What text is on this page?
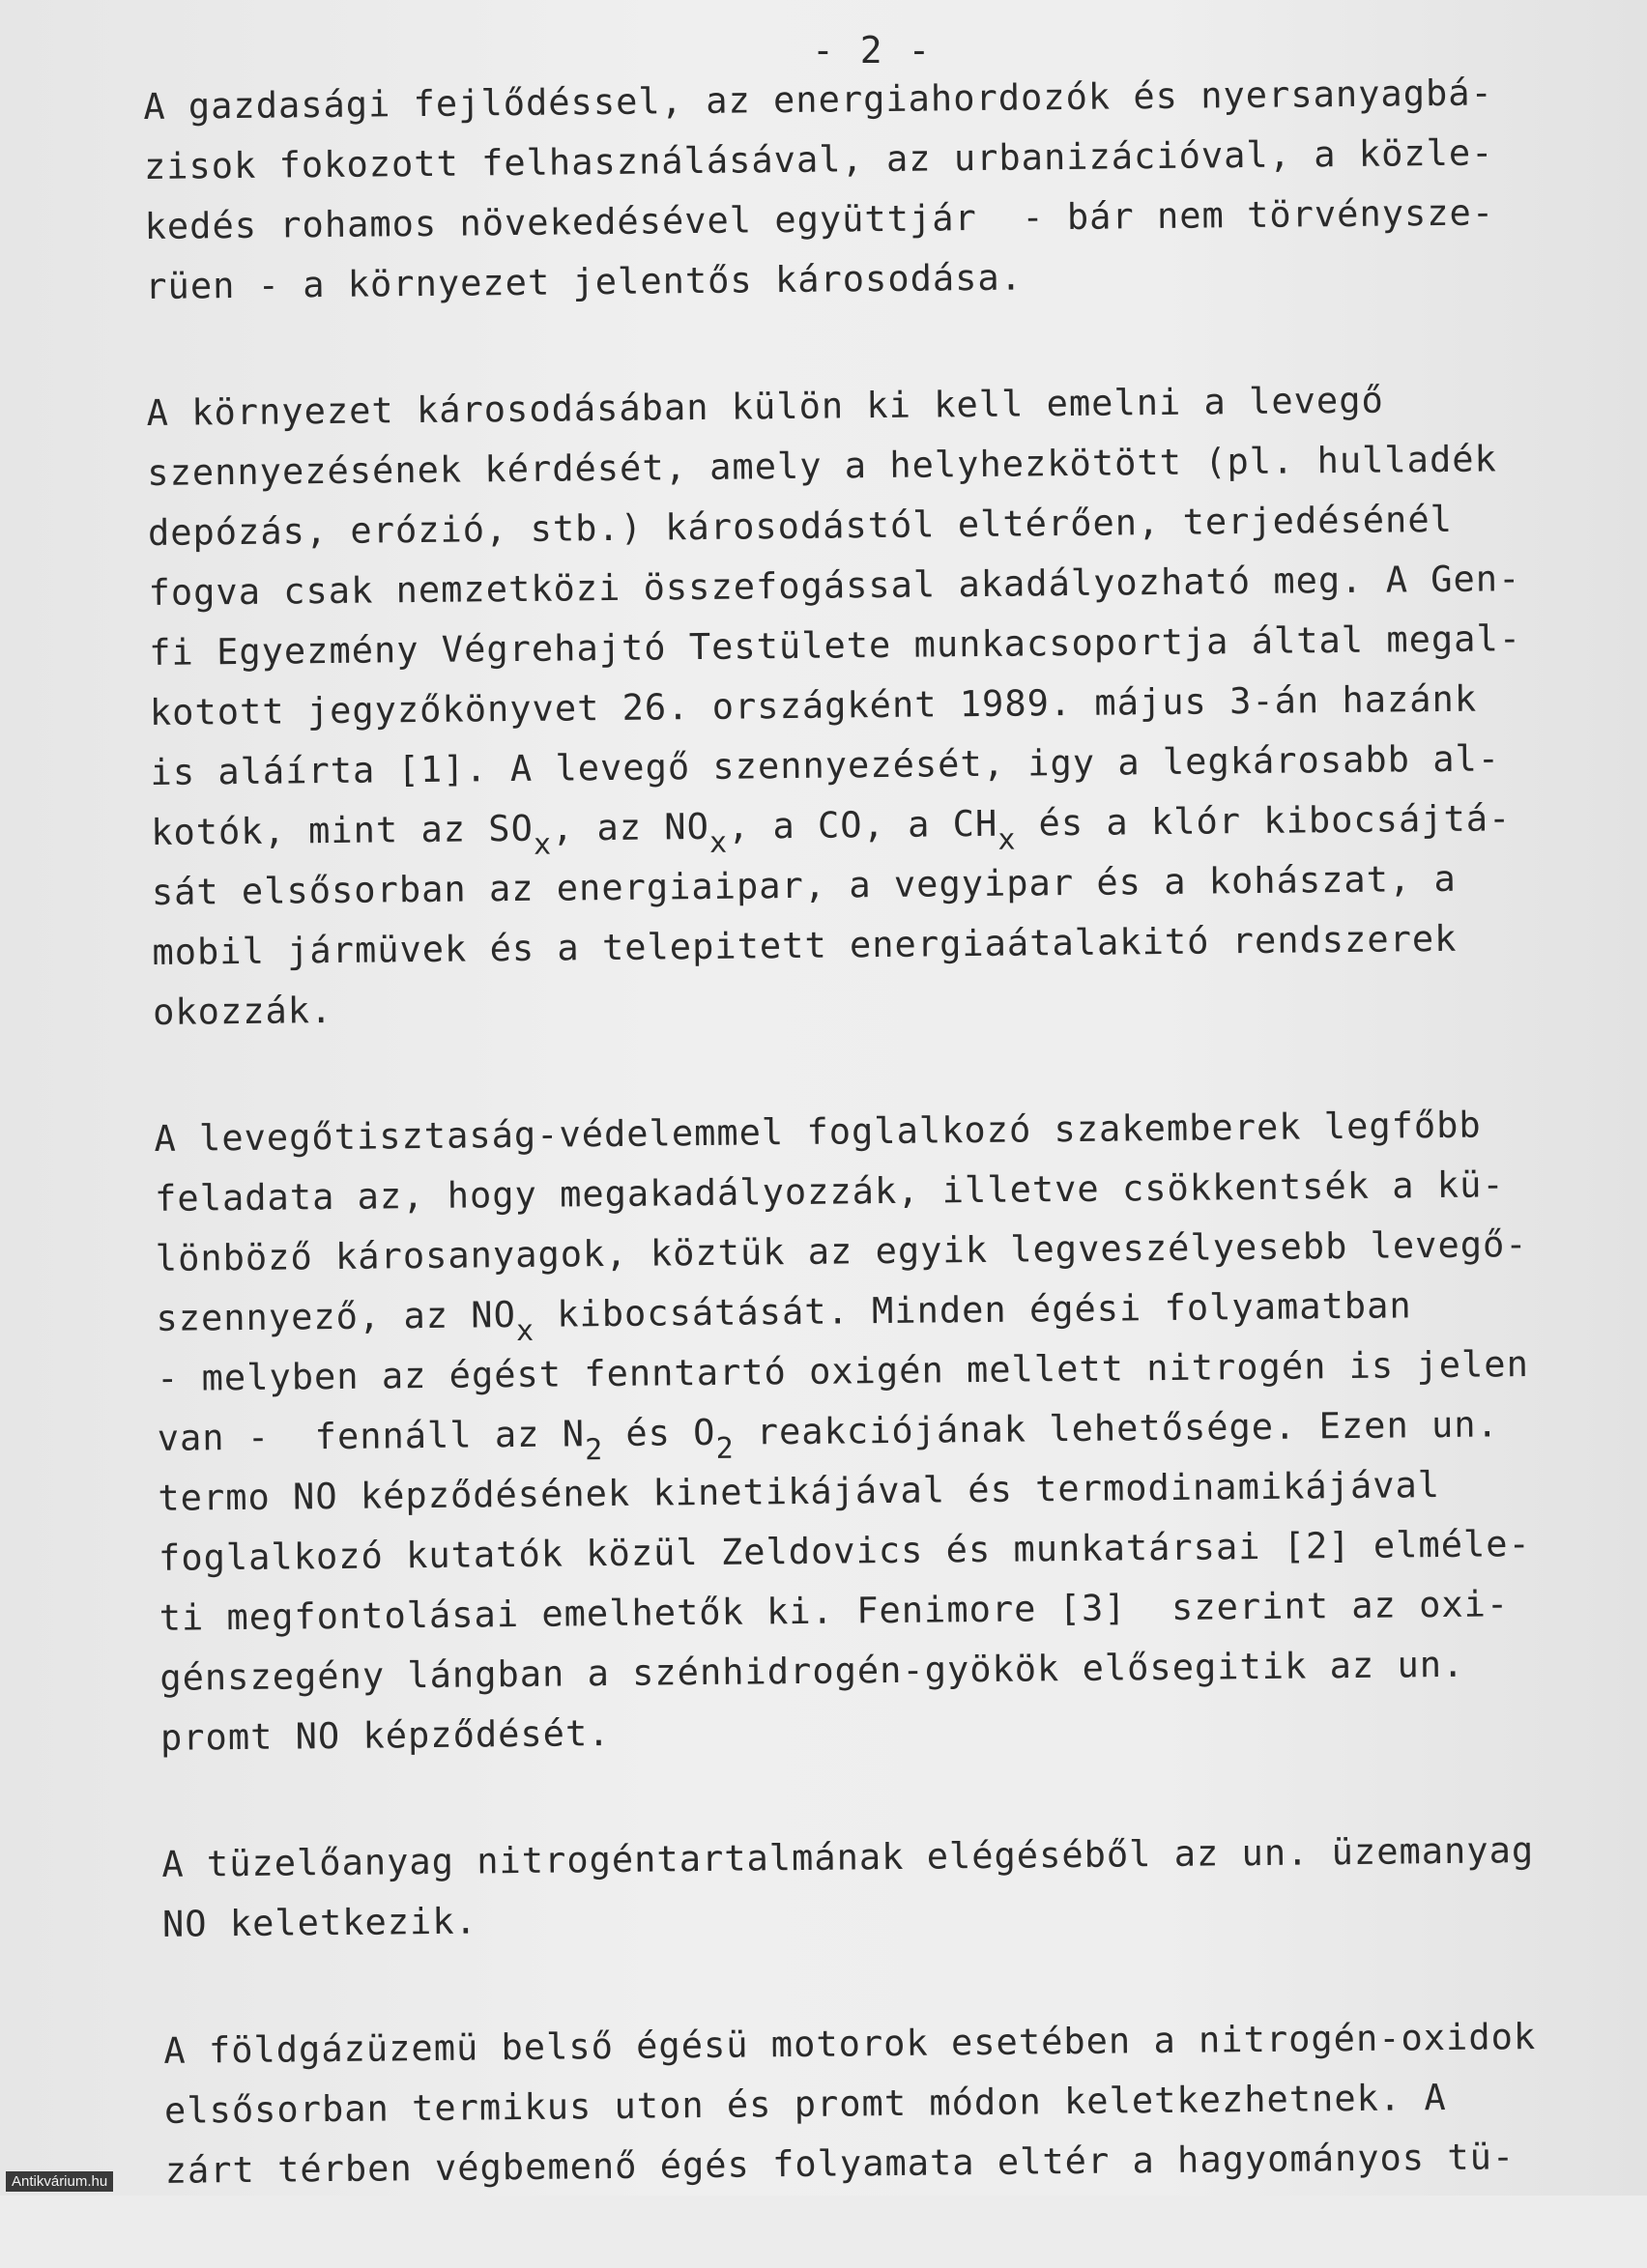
- 2 -
A gazdasági fejlődéssel, az energiahordozók és nyersanyagbá-
zisok fokozott felhasználásával, az urbanizációval, a közle-
kedés rohamos növekedésével együttjár  - bár nem törvénysze-
rüen - a környezet jelentős károsodása.
A környezet károsodásában külön ki kell emelni a levegő
szennyezésének kérdését, amely a helyhezkötött (pl. hulladék
depózás, erózió, stb.) károsodástól eltérően, terjedésénél
fogva csak nemzetközi összefogással akadályozható meg. A Gen-
fi Egyezmény Végrehajtó Testülete munkacsoportja által megal-
kotott jegyzőkönyvet 26. országként 1989. május 3-án hazánk
is aláírta [1]. A levegő szennyezését, igy a legkárosabb al-
kotók, mint az $SO_x$, az $NO_x$, a CO, a $CH_x$ és a klór kibocsájtá-
sát elsősorban az energiaipar, a vegyipar és a kohászat, a
mobil jármüvek és a telepitett energiaátalakitó rendszerek
okozzák.
A levegőtisztaság-védelemmel foglalkozó szakemberek legfőbb
feladata az, hogy megakadályozzák, illetve csökkentsék a kü-
lönböző károsanyagok, köztük az egyik legveszélyesebb levegő-
szennyező, az $NO_x$ kibocsátását. Minden égési folyamatban
- melyben az égést fenntartó oxigén mellett nitrogén is jelen
van -  fennáll az $N_2$ és $O_2$ reakciójának lehetősége. Ezen un.
termo NO képződésének kinetikájával és termodinamikájával
foglalkozó kutatók közül Zeldovics és munkatársai [2] elméle-
ti megfontolásai emelhetők ki. Fenimore [3]  szerint az oxi-
génszegény lángban a szénhidrogén-gyökök elősegitik az un.
promt NO képződését.
A tüzelőanyag nitrogéntartalmának elégéséből az un. üzemanyag
NO keletkezik.
A földgázüzemü belső égésü motorok esetében a nitrogén-oxidok
elsősorban termikus uton és promt módon keletkezhetnek. A
zárt térben végbemenő égés folyamata eltér a hagyományos tü-
Antikvárium.hu
